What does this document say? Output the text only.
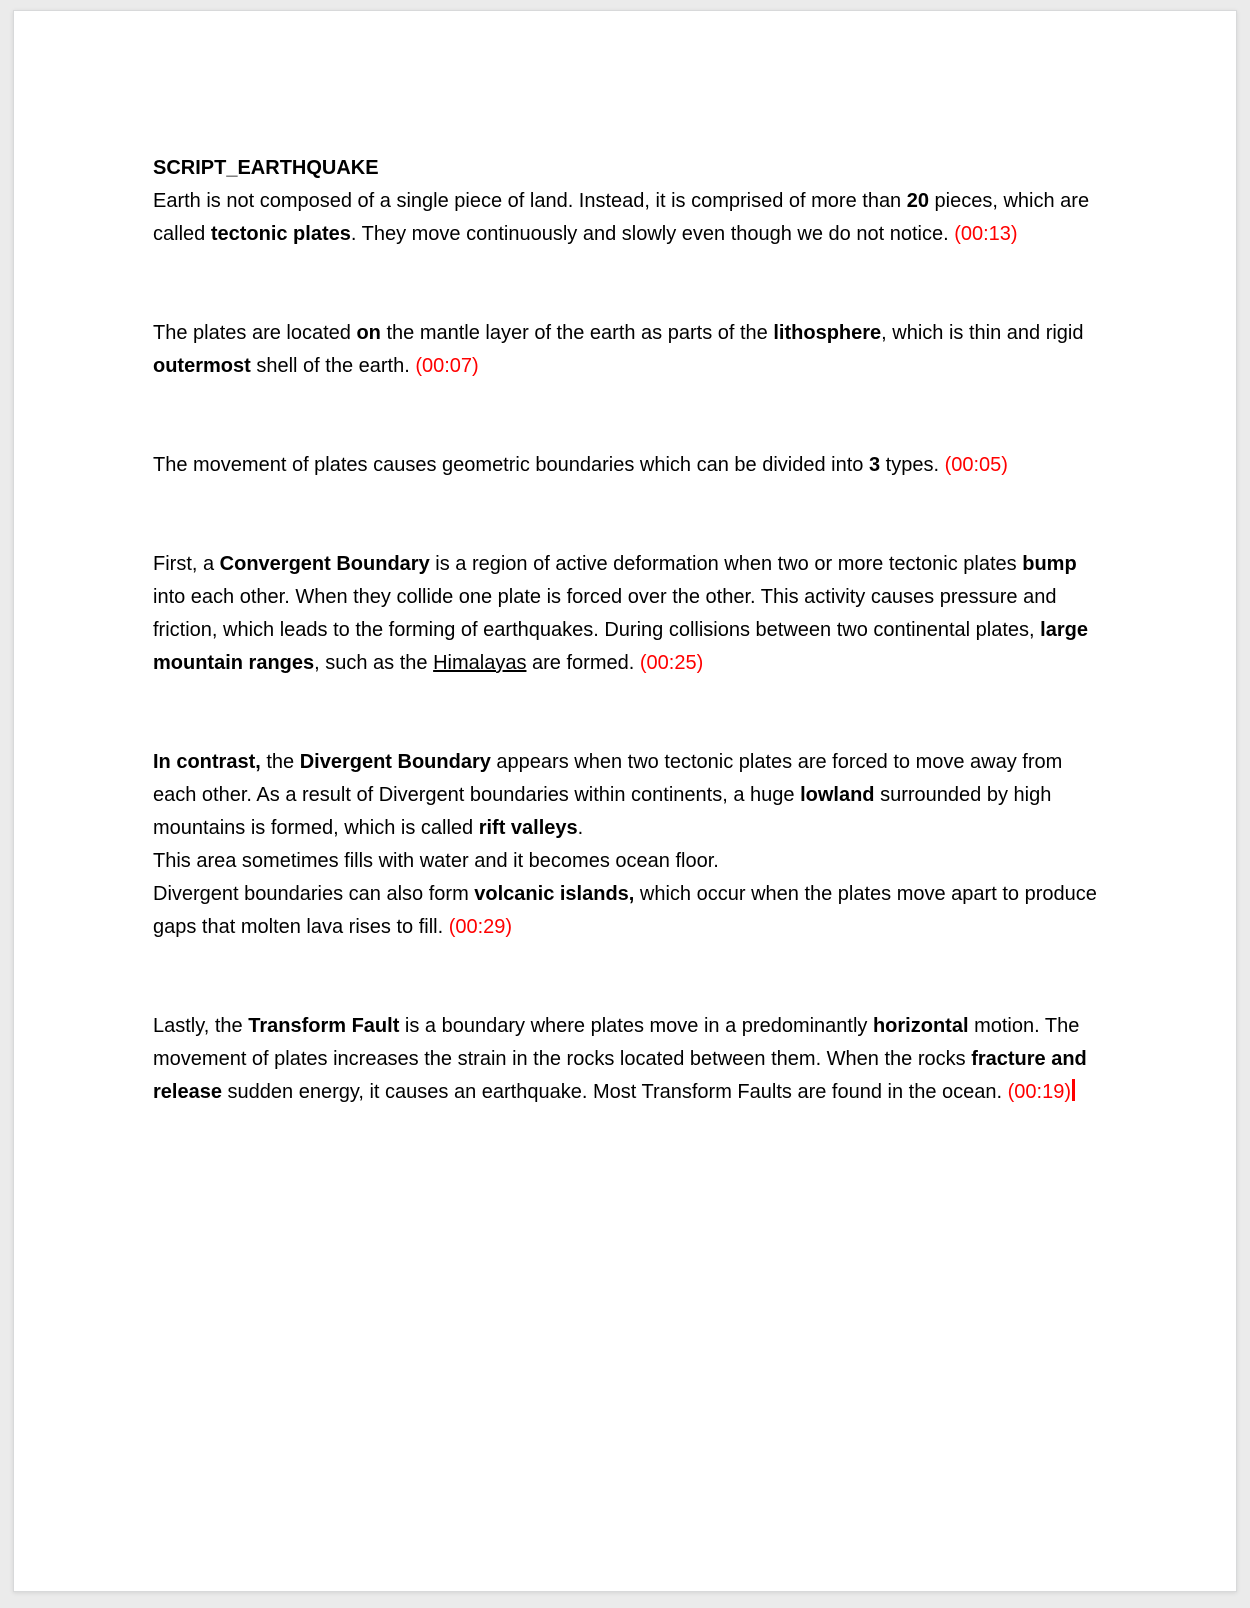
SCRIPT_EARTHQUAKE

Earth is not composed of a single piece of land. Instead, it is comprised of more than 20 pieces, which are called tectonic plates. They move continuously and slowly even though we do not notice. (00:13)

The plates are located on the mantle layer of the earth as parts of the lithosphere, which is thin and rigid outermost shell of the earth. (00:07)

The movement of plates causes geometric boundaries which can be divided into 3 types. (00:05)

First, a Convergent Boundary is a region of active deformation when two or more tectonic plates bump into each other. When they collide one plate is forced over the other. This activity causes pressure and friction, which leads to the forming of earthquakes. During collisions between two continental plates, large mountain ranges, such as the Himalayas are formed. (00:25)

In contrast, the Divergent Boundary appears when two tectonic plates are forced to move away from each other. As a result of Divergent boundaries within continents, a huge lowland surrounded by high mountains is formed, which is called rift valleys.
This area sometimes fills with water and it becomes ocean floor.
Divergent boundaries can also form volcanic islands, which occur when the plates move apart to produce gaps that molten lava rises to fill. (00:29)

Lastly, the Transform Fault is a boundary where plates move in a predominantly horizontal motion. The movement of plates increases the strain in the rocks located between them. When the rocks fracture and release sudden energy, it causes an earthquake. Most Transform Faults are found in the ocean. (00:19)
